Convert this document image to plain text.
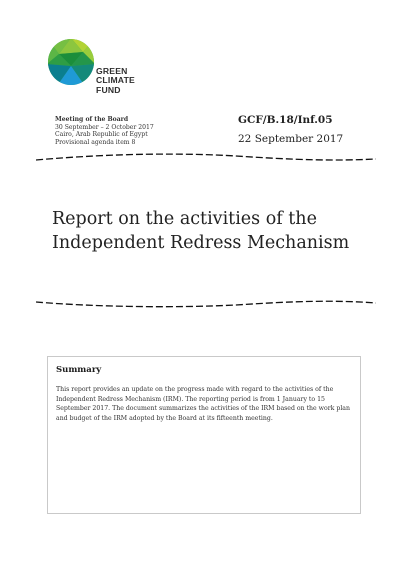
GREEN
CLIMATE
FUND
Meeting of the Board
30 September – 2 October 2017
Cairo, Arab Republic of Egypt
Provisional agenda item 8
GCF/B.18/Inf.05
22 September 2017
Report on the activities of the
Independent Redress Mechanism
Summary
This report provides an update on the progress made with regard to the activities of the Independent Redress Mechanism (IRM). The reporting period is from 1 January to 15 September 2017. The document summarizes the activities of the IRM based on the work plan and budget of the IRM adopted by the Board at its fifteenth meeting.
